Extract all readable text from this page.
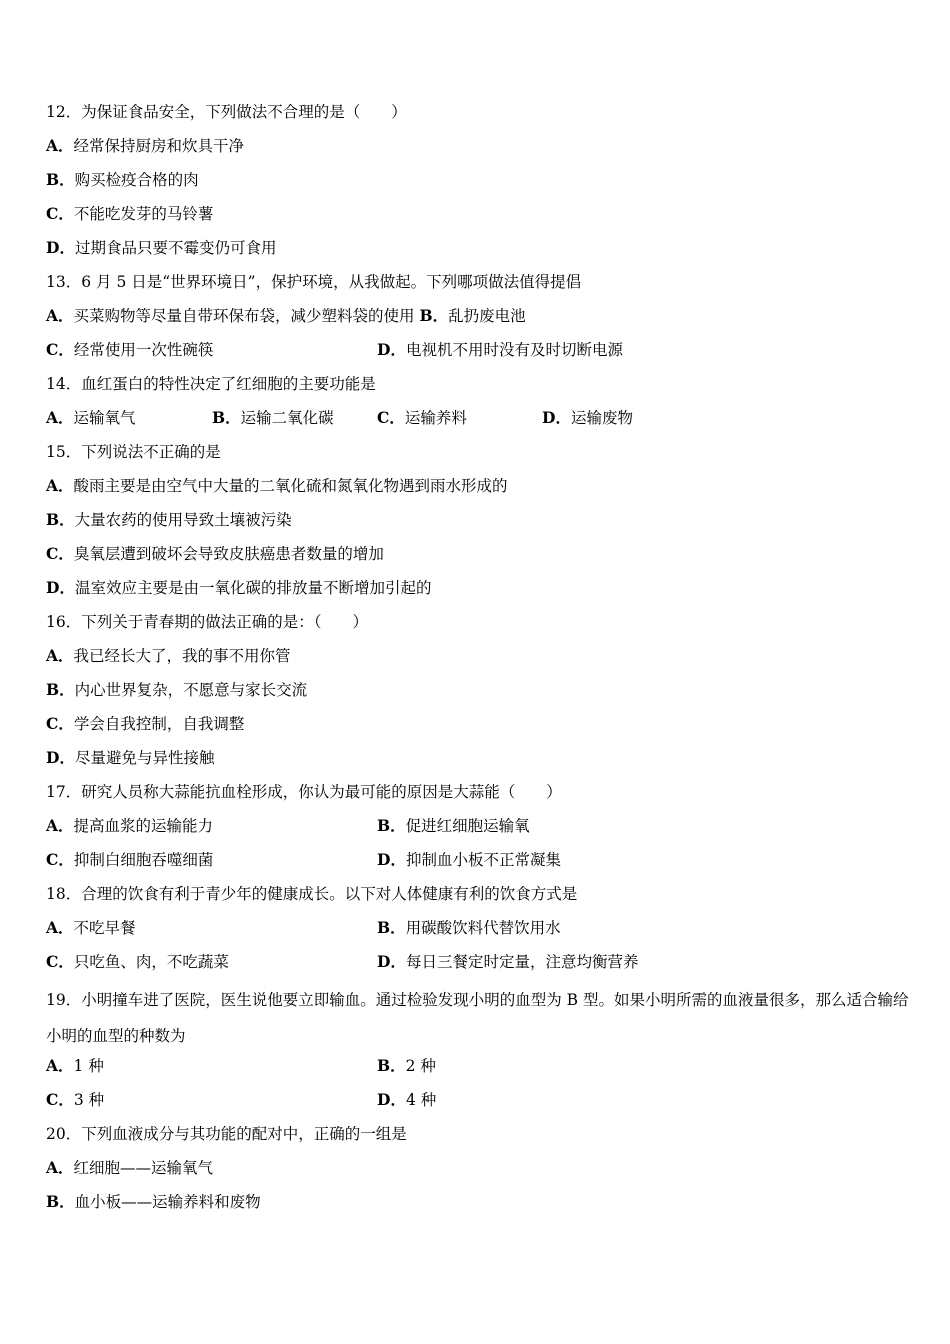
12．为保证食品安全，下列做法不合理的是（　　）
A．经常保持厨房和炊具干净
B．购买检疫合格的肉
C．不能吃发芽的马铃薯
D．过期食品只要不霉变仍可食用
13．6 月 5 日是“世界环境日”，保护环境，从我做起。下列哪项做法值得提倡
A．买菜购物等尽量自带环保布袋，减少塑料袋的使用 B．乱扔废电池
C．经常使用一次性碗筷	D．电视机不用时没有及时切断电源
14．血红蛋白的特性决定了红细胞的主要功能是
A．运输氧气	B．运输二氧化碳	C．运输养料	D．运输废物
15．下列说法不正确的是
A．酸雨主要是由空气中大量的二氧化硫和氮氧化物遇到雨水形成的
B．大量农药的使用导致土壤被污染
C．臭氧层遭到破坏会导致皮肤癌患者数量的增加
D．温室效应主要是由一氧化碳的排放量不断增加引起的
16．下列关于青春期的做法正确的是：（　　）
A．我已经长大了，我的事不用你管
B．内心世界复杂，不愿意与家长交流
C．学会自我控制，自我调整
D．尽量避免与异性接触
17．研究人员称大蒜能抗血栓形成，你认为最可能的原因是大蒜能（　　）
A．提高血浆的运输能力	B．促进红细胞运输氧
C．抑制白细胞吞噬细菌	D．抑制血小板不正常凝集
18．合理的饮食有利于青少年的健康成长。以下对人体健康有利的饮食方式是
A．不吃早餐	B．用碳酸饮料代替饮用水
C．只吃鱼、肉，不吃蔬菜	D．每日三餐定时定量，注意均衡营养
19．小明撞车进了医院，医生说他要立即输血。通过检验发现小明的血型为 B 型。如果小明所需的血液量很多，那么适合输给小明的血型的种数为
A．1 种	B．2 种
C．3 种	D．4 种
20．下列血液成分与其功能的配对中，正确的一组是
A．红细胞——运输氧气
B．血小板——运输养料和废物
